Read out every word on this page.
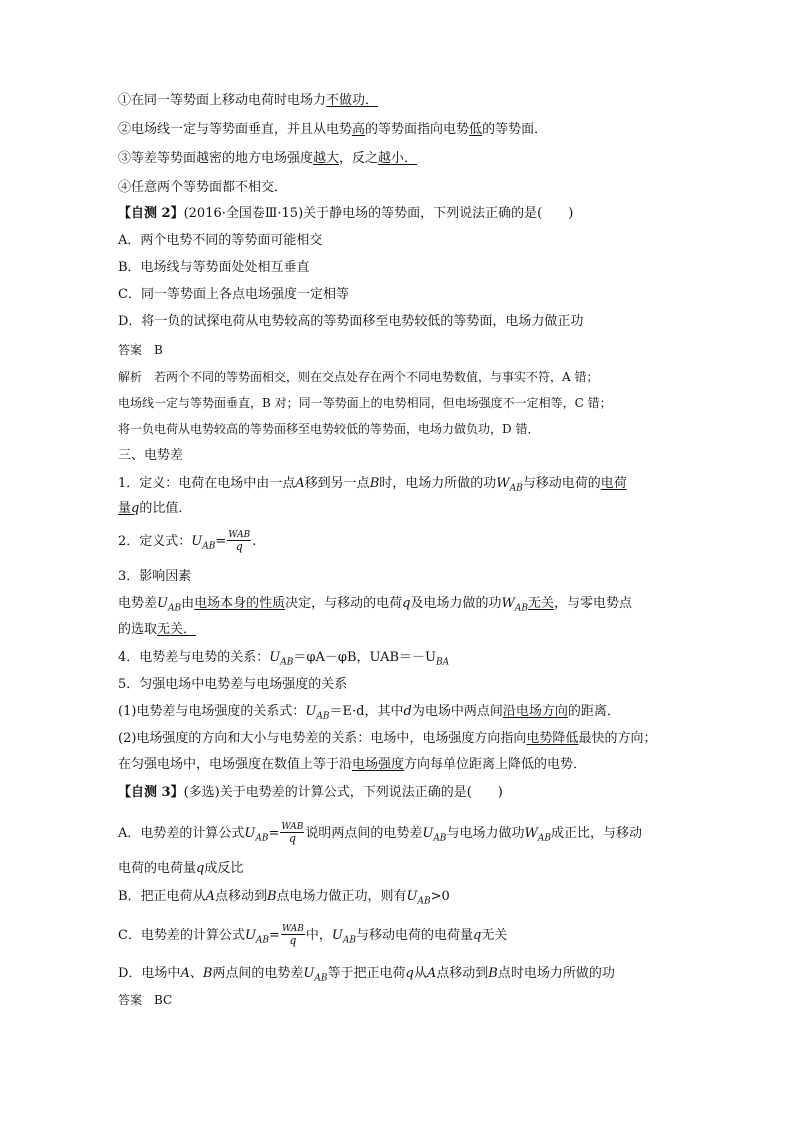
①在同一等势面上移动电荷时电场力不做功．
②电场线一定与等势面垂直，并且从电势高的等势面指向电势低的等势面．
③等差等势面越密的地方电场强度越大，反之越小．
④任意两个等势面都不相交．
【自测 2】(2016·全国卷Ⅲ·15)关于静电场的等势面，下列说法正确的是(　　)
A．两个电势不同的等势面可能相交
B．电场线与等势面处处相互垂直
C．同一等势面上各点电场强度一定相等
D．将一负的试探电荷从电势较高的等势面移至电势较低的等势面，电场力做正功
答案　B
解析　若两个不同的等势面相交，则在交点处存在两个不同电势数值，与事实不符，A 错；
电场线一定与等势面垂直，B 对；同一等势面上的电势相同，但电场强度不一定相等，C 错；
将一负电荷从电势较高的等势面移至电势较低的等势面，电场力做负功，D 错．
三、电势差
1．定义：电荷在电场中由一点A移到另一点B时，电场力所做的功$W_{AB}$与移动电荷的电荷
量q的比值．
2．定义式：$U_{AB}= \frac{\text{WAB}}{q}$ .
3．影响因素
电势差$U_{AB}$由电场本身的性质决定，与移动的电荷q及电场力做的功$W_{AB}$无关，与零电势点
的选取无关．
4．电势差与电势的关系：$U_{AB}=\varphi A-\varphi B$，$UAB=-U_{BA}$
5．匀强电场中电势差与电场强度的关系
(1)电势差与电场强度的关系式：$U_{AB}=E\cdot d$，其中d为电场中两点间沿电场方向的距离．
(2)电场强度的方向和大小与电势差的关系：电场中，电场强度方向指向电势降低最快的方向；
在匀强电场中，电场强度在数值上等于沿电场强度方向每单位距离上降低的电势．
【自测 3】(多选)关于电势差的计算公式，下列说法正确的是(　　)
A．电势差的计算公式$U_{AB}= \frac{\text{WAB}}{q}$ 说明两点间的电势差$U_{AB}$与电场力做功$W_{AB}$成正比，与移动
电荷的电荷量q成反比
B．把正电荷从A点移动到B点电场力做正功，则有$U_{AB}>0$
C．电势差的计算公式$U_{AB}= \frac{\text{WAB}}{q}$ 中，$U_{AB}$与移动电荷的电荷量q无关
D．电场中A、B两点间的电势差$U_{AB}$等于把正电荷q从A点移动到B点时电场力所做的功
答案　BC
